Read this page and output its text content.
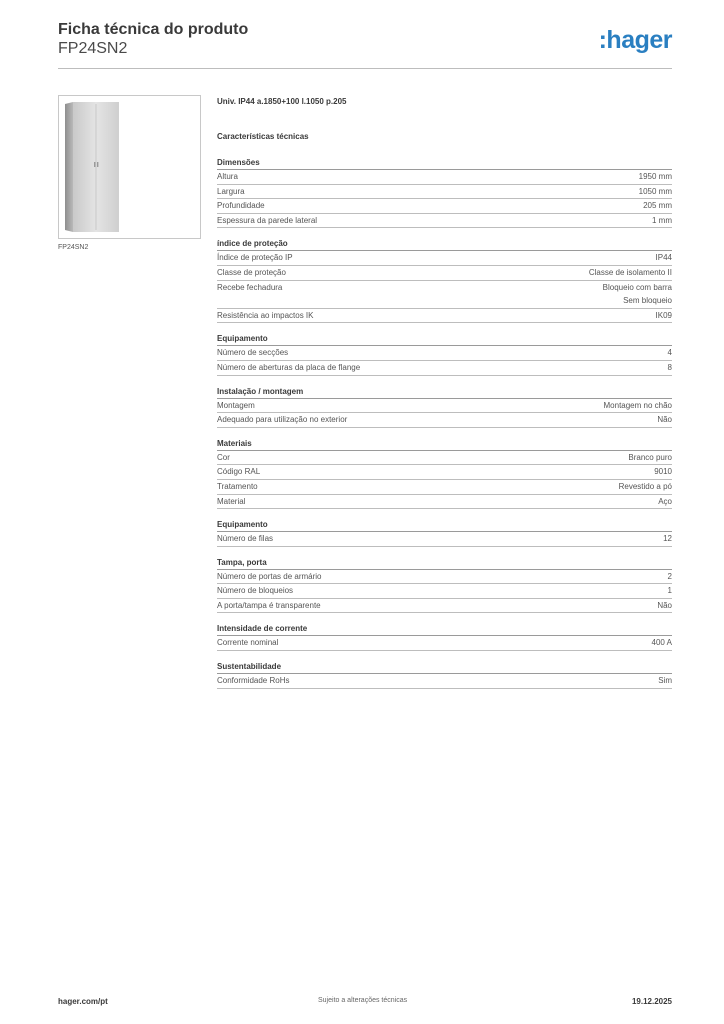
Ficha técnica do produto
FP24SN2	:hager
FP24SN2
Univ. IP44 a.1850+100 l.1050 p.205
Características técnicas
Dimensões
Altura	1950 mm
Largura	1050 mm
Profundidade	205 mm
Espessura da parede lateral	1 mm
índice de proteção
Índice de proteção IP	IP44
Classe de proteção	Classe de isolamento II
Recebe fechadura	Bloqueio com barra
Sem bloqueio
Resistência ao impactos IK	IK09
Equipamento
Número de secções	4
Número de aberturas da placa de flange	8
Instalação / montagem
Montagem	Montagem no chão
Adequado para utilização no exterior	Não
Materiais
Cor	Branco puro
Código RAL	9010
Tratamento	Revestido a pó
Material	Aço
Equipamento
Número de filas	12
Tampa, porta
Número de portas de armário	2
Número de bloqueios	1
A porta/tampa é transparente	Não
Intensidade de corrente
Corrente nominal	400 A
Sustentabilidade
Conformidade RoHs	Sim
hager.com/pt	Sujeito a alterações técnicas	19.12.2025
